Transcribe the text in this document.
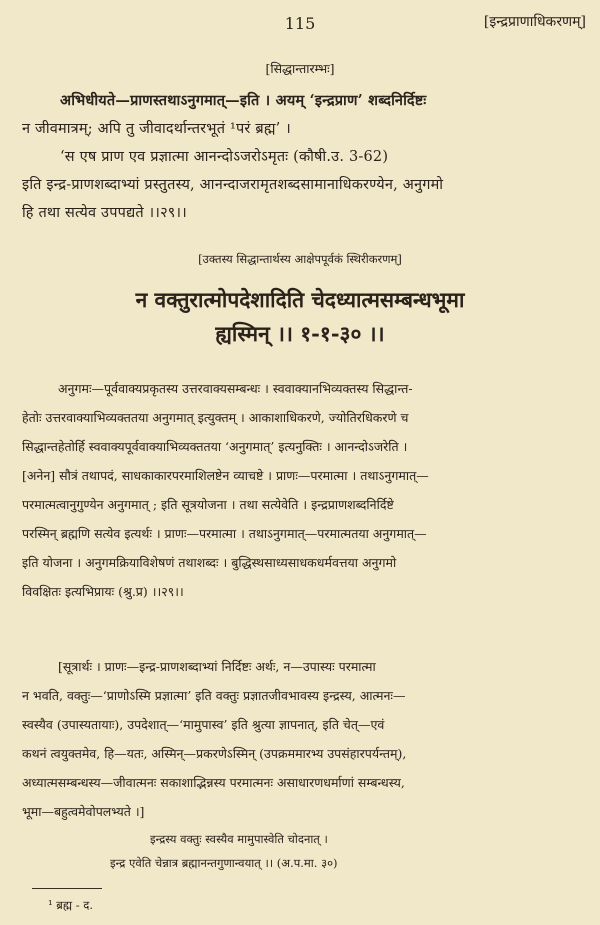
115	[इन्द्रप्राणाधिकरणम्]
[सिद्धान्तारम्भः]
अभिधीयते—प्राणस्तथाऽनुगमात्—इति । अयम् ‘इन्द्रप्राण’ शब्दनिर्दिष्टः
न जीवमात्रम्; अपि तु जीवादर्थान्तरभूतं ¹परं ब्रह्म’ ।
‘स एष प्राण एव प्रज्ञात्मा आनन्दोऽजरोऽमृतः (कौषी.उ. 3-62)
इति इन्द्र-प्राणशब्दाभ्यां प्रस्तुतस्य, आनन्दाजरामृतशब्दसामानाधिकरण्येन, अनुगमो
हि तथा सत्येव उपपद्यते ।।२९।।
[उक्तस्य सिद्धान्तार्थस्य आक्षेपपूर्वकं स्थिरीकरणम्]
न वक्तुरात्मोपदेशादिति चेदध्यात्मसम्बन्धभूमा
ह्यस्मिन् ।। १-१-३० ।।
अनुगमः—पूर्ववाक्यप्रकृतस्य उत्तरवाक्यसम्बन्धः । स्ववाक्यानभिव्यक्तस्य सिद्धान्त-
हेतोः उत्तरवाक्याभिव्यक्ततया अनुगमात् इत्युक्तम् । आकाशाधिकरणे, ज्योतिरधिकरणे च
सिद्धान्तहेतोर्हि स्ववाक्यपूर्ववाक्याभिव्यक्ततया ‘अनुगमात्’ इत्यनुक्तिः । आनन्दोऽजरेति ।
[अनेन] सौत्रं तथापदं, साधकाकारपरमाशिलष्टेन व्याचष्टे । प्राणः—परमात्मा । तथाऽनुगमात्—
परमात्मत्वानुगुण्येन अनुगमात् ; इति सूत्रयोजना । तथा सत्येवेति । इन्द्रप्राणशब्दनिर्दिष्टे
परस्मिन् ब्रह्मणि सत्येव इत्यर्थः । प्राणः—परमात्मा । तथाऽनुगमात्—परमात्मतया अनुगमात्—
इति योजना । अनुगमक्रियाविशेषणं तथाशब्दः । बुद्धिस्थसाध्यसाधकधर्मवत्तया अनुगमो
विवक्षितः इत्यभिप्रायः (श्रु.प्र) ।।२९।।
[सूत्रार्थः । प्राणः—इन्द्र-प्राणशब्दाभ्यां निर्दिष्टः अर्थः, न—उपास्यः परमात्मा
न भवति, वक्तुः—‘प्राणोऽस्मि प्रज्ञात्मा’ इति वक्तुः प्रज्ञातजीवभावस्य इन्द्रस्य, आत्मनः—
स्वस्यैव (उपास्यतायाः), उपदेशात्—‘मामुपास्व’ इति श्रुत्या ज्ञापनात्, इति चेत्—एवं
कथनं त्वयुक्तमेव, हि—यतः, अस्मिन्—प्रकरणेऽस्मिन् (उपक्रममारभ्य उपसंहारपर्यन्तम्),
अध्यात्मसम्बन्धस्य—जीवात्मनः सकाशाद्भिन्नस्य परमात्मनः असाधारणधर्माणां सम्बन्धस्य,
भूमा—बहुत्वमेवोपलभ्यते ।]
इन्द्रस्य वक्तुः स्वस्यैव मामुपास्वेति चोदनात् ।
इन्द्र एवेति चेन्नात्र ब्रह्मानन्तगुणान्वयात् ।। (अ.प.मा. ३०)
¹ ब्रह्म - द.
